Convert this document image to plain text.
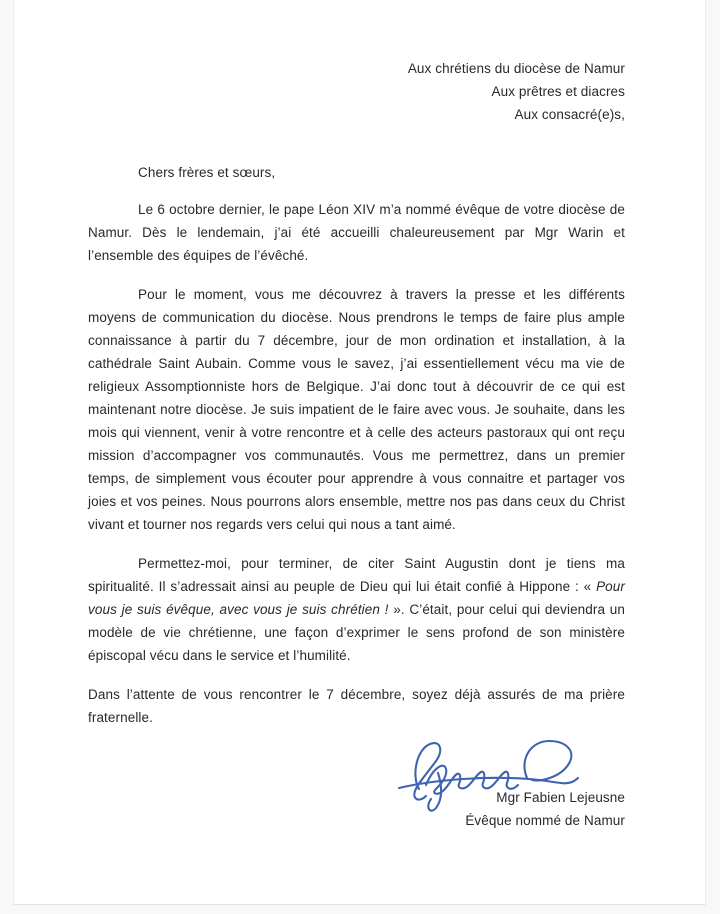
Aux chrétiens du diocèse de Namur
Aux prêtres et diacres
Aux consacré(e)s,

Chers frères et sœurs,

Le 6 octobre dernier, le pape Léon XIV m’a nommé évêque de votre diocèse de Namur. Dès le lendemain, j’ai été accueilli chaleureusement par Mgr Warin et l’ensemble des équipes de l’évêché.

Pour le moment, vous me découvrez à travers la presse et les différents moyens de communication du diocèse. Nous prendrons le temps de faire plus ample connaissance à partir du 7 décembre, jour de mon ordination et installation, à la cathédrale Saint Aubain. Comme vous le savez, j’ai essentiellement vécu ma vie de religieux Assomptionniste hors de Belgique. J’ai donc tout à découvrir de ce qui est maintenant notre diocèse. Je suis impatient de le faire avec vous. Je souhaite, dans les mois qui viennent, venir à votre rencontre et à celle des acteurs pastoraux qui ont reçu mission d’accompagner vos communautés. Vous me permettrez, dans un premier temps, de simplement vous écouter pour apprendre à vous connaitre et partager vos joies et vos peines. Nous pourrons alors ensemble, mettre nos pas dans ceux du Christ vivant et tourner nos regards vers celui qui nous a tant aimé.

Permettez-moi, pour terminer, de citer Saint Augustin dont je tiens ma spiritualité. Il s’adressait ainsi au peuple de Dieu qui lui était confié à Hippone : « Pour vous je suis évêque, avec vous je suis chrétien ! ». C’était, pour celui qui deviendra un modèle de vie chrétienne, une façon d’exprimer le sens profond de son ministère épiscopal vécu dans le service et l’humilité.

Dans l’attente de vous rencontrer le 7 décembre, soyez déjà assurés de ma prière fraternelle.

Mgr Fabien Lejeusne
Évêque nommé de Namur
